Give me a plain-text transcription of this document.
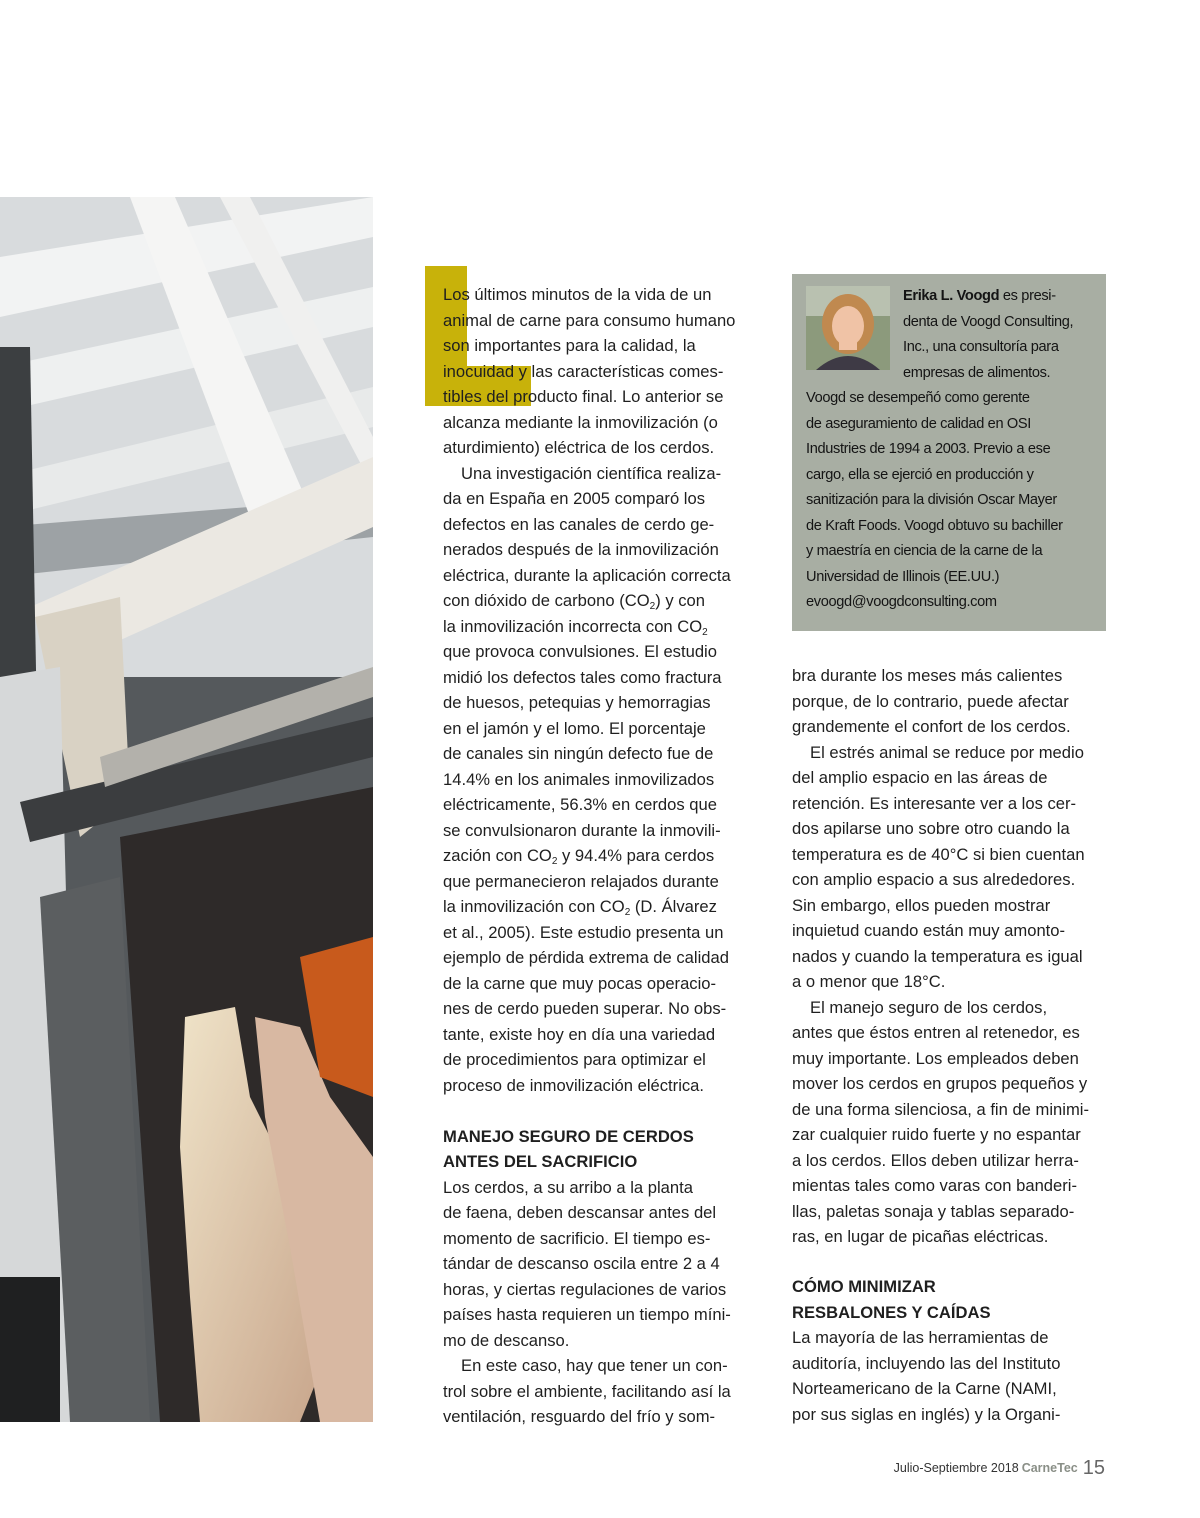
Los últimos minutos de la vida de un
animal de carne para consumo humano
son importantes para la calidad, la
inocuidad y las características comes-
tibles del producto final. Lo anterior se
alcanza mediante la inmovilización (o
aturdimiento) eléctrica de los cerdos.
Una investigación científica realiza-
da en España en 2005 comparó los
defectos en las canales de cerdo ge-
nerados después de la inmovilización
eléctrica, durante la aplicación correcta
con dióxido de carbono $(CO_2)$ y con
la inmovilización incorrecta con $CO_2$
que provoca convulsiones. El estudio
midió los defectos tales como fractura
de huesos, petequias y hemorragias
en el jamón y el lomo. El porcentaje
de canales sin ningún defecto fue de
14.4% en los animales inmovilizados
eléctricamente, 56.3% en cerdos que
se convulsionaron durante la inmovili-
zación con $CO_2$ y 94.4% para cerdos
que permanecieron relajados durante
la inmovilización con $CO_2$ (D. Álvarez
et al., 2005). Este estudio presenta un
ejemplo de pérdida extrema de calidad
de la carne que muy pocas operacio-
nes de cerdo pueden superar. No obs-
tante, existe hoy en día una variedad
de procedimientos para optimizar el
proceso de inmovilización eléctrica.
MANEJO SEGURO DE CERDOS
ANTES DEL SACRIFICIO
Los cerdos, a su arribo a la planta
de faena, deben descansar antes del
momento de sacrificio. El tiempo es-
tándar de descanso oscila entre 2 a 4
horas, y ciertas regulaciones de varios
países hasta requieren un tiempo míni-
mo de descanso.
En este caso, hay que tener un con-
trol sobre el ambiente, facilitando así la
ventilación, resguardo del frío y som-
Erika L. Voogd es presi-
denta de Voogd Consulting,
Inc., una consultoría para
empresas de alimentos.
Voogd se desempeñó como gerente
de aseguramiento de calidad en OSI
Industries de 1994 a 2003. Previo a ese
cargo, ella se ejerció en producción y
sanitización para la división Oscar Mayer
de Kraft Foods. Voogd obtuvo su bachiller
y maestría en ciencia de la carne de la
Universidad de Illinois (EE.UU.)
evoogd@voogdconsulting.com
bra durante los meses más calientes
porque, de lo contrario, puede afectar
grandemente el confort de los cerdos.
El estrés animal se reduce por medio
del amplio espacio en las áreas de
retención. Es interesante ver a los cer-
dos apilarse uno sobre otro cuando la
temperatura es de 40°C si bien cuentan
con amplio espacio a sus alrededores.
Sin embargo, ellos pueden mostrar
inquietud cuando están muy amonto-
nados y cuando la temperatura es igual
a o menor que 18°C.
El manejo seguro de los cerdos,
antes que éstos entren al retenedor, es
muy importante. Los empleados deben
mover los cerdos en grupos pequeños y
de una forma silenciosa, a fin de minimi-
zar cualquier ruido fuerte y no espantar
a los cerdos. Ellos deben utilizar herra-
mientas tales como varas con banderi-
llas, paletas sonaja y tablas separado-
ras, en lugar de picañas eléctricas.
CÓMO MINIMIZAR
RESBALONES Y CAÍDAS
La mayoría de las herramientas de
auditoría, incluyendo las del Instituto
Norteamericano de la Carne (NAMI,
por sus siglas en inglés) y la Organi-
Julio-Septiembre 2018 CarneTec 15
